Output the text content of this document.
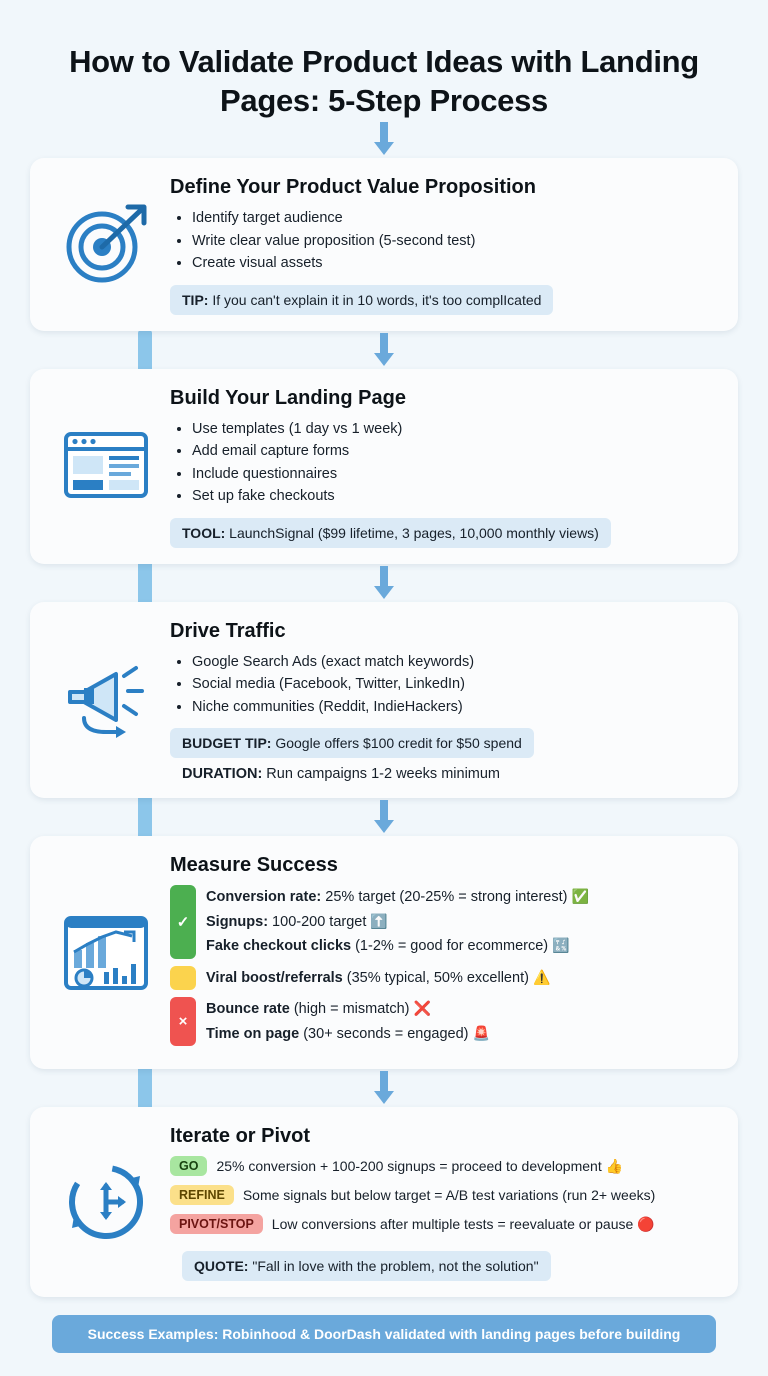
How to Validate Product Ideas with Landing Pages: 5-Step Process
Define Your Product Value Proposition
• Identify target audience
• Write clear value proposition (5-second test)
• Create visual assets
TIP: If you can't explain it in 10 words, it's too complIcated
Build Your Landing Page
• Use templates (1 day vs 1 week)
• Add email capture forms
• Include questionnaires
• Set up fake checkouts
TOOL: LaunchSignal ($99 lifetime, 3 pages, 10,000 monthly views)
Drive Traffic
• Google Search Ads (exact match keywords)
• Social media (Facebook, Twitter, LinkedIn)
• Niche communities (Reddit, IndieHackers)
BUDGET TIP: Google offers $100 credit for $50 spend
DURATION: Run campaigns 1-2 weeks minimum
Measure Success
✓
Conversion rate: 25% target (20-25% = strong interest) ✅
Signups: 100-200 target ⬆️
Fake checkout clicks (1-2% = good for ecommerce) 🔣
Viral boost/referrals (35% typical, 50% excellent) ⚠️
×
Bounce rate (high = mismatch) ❌
Time on page (30+ seconds = engaged) 🚨
Iterate or Pivot
GO	25% conversion + 100-200 signups = proceed to development 👍
REFINE	Some signals but below target = A/B test variations (run 2+ weeks)
PIVOT/STOP	Low conversions after multiple tests = reevaluate or pause 🔴
QUOTE: "Fall in love with the problem, not the solution"
Success Examples: Robinhood & DoorDash validated with landing pages before building
